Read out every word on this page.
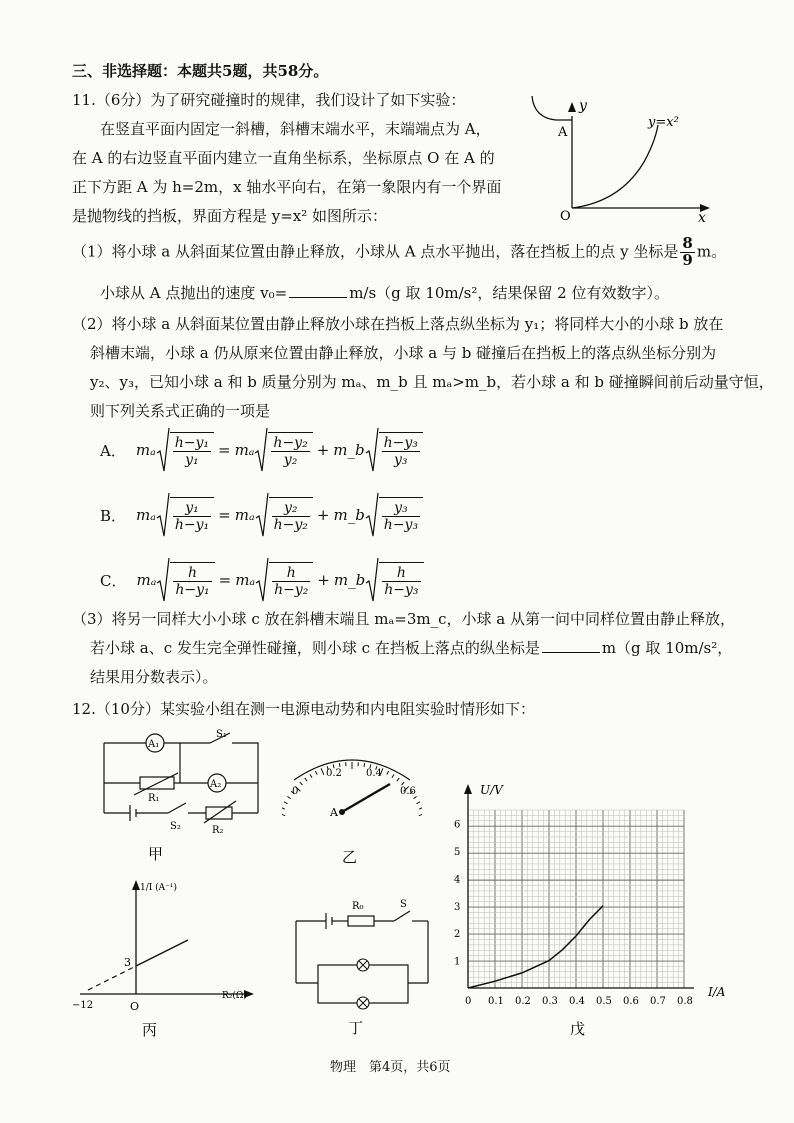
三、非选择题：本题共5题，共58分。
11.（6分）为了研究碰撞时的规律，我们设计了如下实验：
在竖直平面内固定一斜槽，斜槽末端水平，末端端点为 A，
在 A 的右边竖直平面内建立一直角坐标系，坐标原点 O 在 A 的
正下方距 A 为 h=2m，x 轴水平向右，在第一象限内有一个界面
是抛物线的挡板，界面方程是 y=x² 如图所示：
y
A
O	x
y=x²
（1）将小球 a 从斜面某位置由静止释放，小球从 A 点水平抛出，落在挡板上的点 y 坐标是 $\frac{8}{9}$ m。
小球从 A 点抛出的速度 v₀=	m/s（g 取 10m/s²，结果保留 2 位有效数字）。
（2）将小球 a 从斜面某位置由静止释放小球在挡板上落点纵坐标为 y₁；将同样大小的小球 b 放在
斜槽末端，小球 a 仍从原来位置由静止释放，小球 a 与 b 碰撞后在挡板上的落点纵坐标分别为
y₂、y₃，已知小球 a 和 b 质量分别为 mₐ、m_b 且 mₐ>m_b，若小球 a 和 b 碰撞瞬间前后动量守恒，
则下列关系式正确的一项是
A． mₐ h−y₁
y₁
= mₐ h−y₂
y₂
+ m_b h−y₃
y₃
B． mₐ	y₁
h−y₁
= mₐ	y₂
h−y₂
+ m_b	y₃
h−y₃
C． mₐ	h
h−y₁
= mₐ	h
h−y₂
+ m_b	h
h−y₃
（3）将另一同样大小小球 c 放在斜槽末端且 mₐ=3m_c，小球 a 从第一问中同样位置由静止释放，
若小球 a、c 发生完全弹性碰撞，则小球 c 在挡板上落点的纵坐标是	m（g 取 10m/s²，
结果用分数表示）。
12.（10分）某实验小组在测一电源电动势和内电阻实验时情形如下：
A₁
A₂
S₁
R₁
S₂	R₂
甲
0
0.2 0.4
0.6
A
乙
1/I (A⁻¹)
R₂(Ω)
3
−12	O
丙
R₀	S
丁
0 0.1 0.2 0.3 0.4 0.5 0.6 0.7 0.8
1
2
3
4
5
6
U/V
I/A
戊
物理　第4页，共6页
